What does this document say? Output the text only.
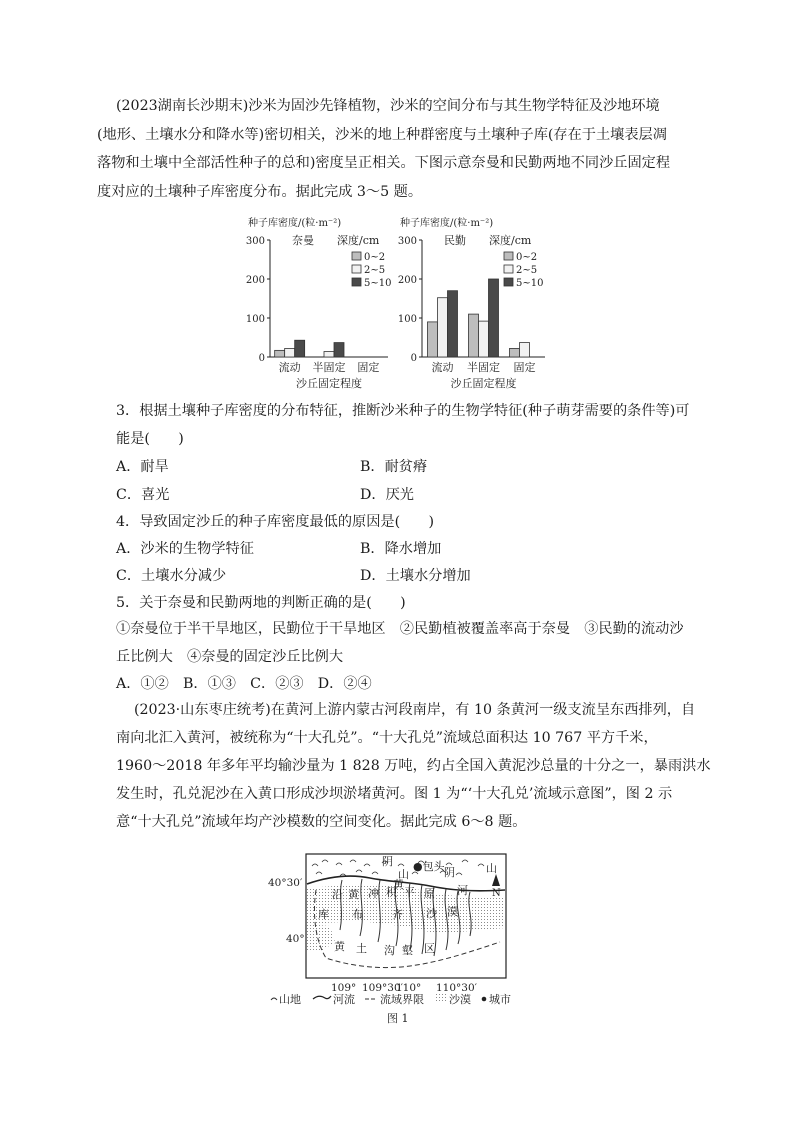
(2023湖南长沙期末)沙米为固沙先锋植物，沙米的空间分布与其生物学特征及沙地环境
(地形、土壤水分和降水等)密切相关，沙米的地上种群密度与土壤种子库(存在于土壤表层凋
落物和土壤中全部活性种子的总和)密度呈正相关。下图示意奈曼和民勤两地不同沙丘固定程
度对应的土壤种子库密度分布。据此完成 3～5 题。
种子库密度/(粒·m⁻²)
0
100
200
300 奈曼 深度/cm
0~2
2~5
5~10
流动 半固定 固定
沙丘固定程度
种子库密度/(粒·m⁻²)
0
100
200
300 民勤 深度/cm
0~2
2~5
5~10
流动 半固定 固定
沙丘固定程度
3．根据土壤种子库密度的分布特征，推断沙米种子的生物学特征(种子萌芽需要的条件等)可
能是(　　)
A．耐旱	B．耐贫瘠
C．喜光	D．厌光
4．导致固定沙丘的种子库密度最低的原因是(　　)
A．沙米的生物学特征	B．降水增加
C．土壤水分减少	D．土壤水分增加
5．关于奈曼和民勤两地的判断正确的是(　　)
①奈曼位于半干旱地区，民勤位于干旱地区　②民勤植被覆盖率高于奈曼　③民勤的流动沙
丘比例大　④奈曼的固定沙丘比例大
A．①②　B．①③　C．②③　D．②④
(2023·山东枣庄统考)在黄河上游内蒙古河段南岸，有 10 条黄河一级支流呈东西排列，自
南向北汇入黄河，被统称为“十大孔兑”。“十大孔兑”流域总面积达 10 767 平方千米，
1960～2018 年多年平均输沙量为 1 828 万吨，约占全国入黄泥沙总量的十分之一，暴雨洪水
发生时，孔兑泥沙在入黄口形成沙坝淤堵黄河。图 1 为“‘十大孔兑’流域示意图”，图 2 示
意“十大孔兑”流域年均产沙模数的空间变化。据此完成 6～8 题。
阴
山
黄
●包头 阴	山
河 N
库 布	齐 沙 漠
沿 黄 冲 积 平 原
黄 土 沟 壑 区
40°30′
40°
109° 109°30′
110° 110°30′
山地	河流 流域界限 沙漠 城市
图 1
